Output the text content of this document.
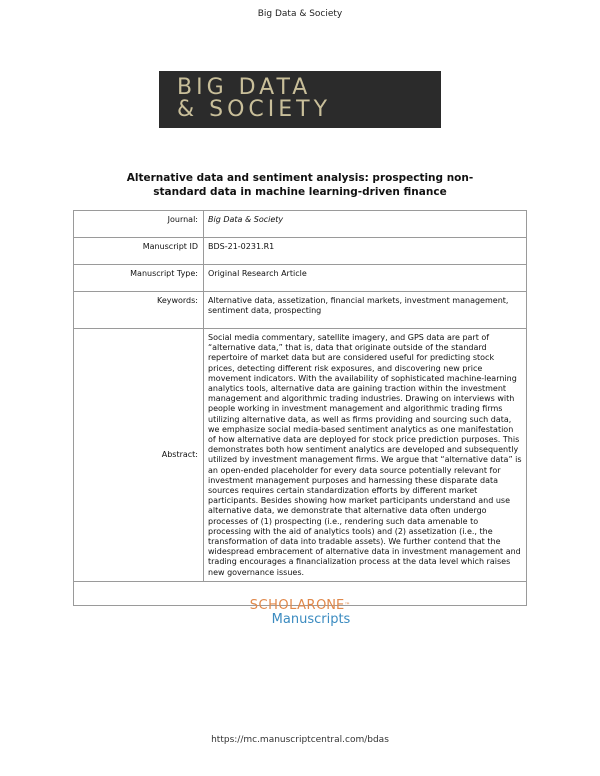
Big Data & Society
BIG DATA
& SOCIETY
Alternative data and sentiment analysis: prospecting non-
standard data in machine learning-driven finance
Journal:	Big Data & Society
Manuscript ID	BDS-21-0231.R1
Manuscript Type:	Original Research Article
Keywords:	Alternative data, assetization, financial markets, investment management, sentiment data, prospecting
Abstract:	Social media commentary, satellite imagery, and GPS data are part of “alternative data,” that is, data that originate outside of the standard repertoire of market data but are considered useful for predicting stock prices, detecting different risk exposures, and discovering new price movement indicators. With the availability of sophisticated machine-learning analytics tools, alternative data are gaining traction within the investment management and algorithmic trading industries. Drawing on interviews with people working in investment management and algorithmic trading firms utilizing alternative data, as well as firms providing and sourcing such data, we emphasize social media-based sentiment analytics as one manifestation of how alternative data are deployed for stock price prediction purposes. This demonstrates both how sentiment analytics are developed and subsequently utilized by investment management firms. We argue that “alternative data” is an open-ended placeholder for every data source potentially relevant for investment management purposes and harnessing these disparate data sources requires certain standardization efforts by different market participants. Besides showing how market participants understand and use alternative data, we demonstrate that alternative data often undergo processes of (1) prospecting (i.e., rendering such data amenable to processing with the aid of analytics tools) and (2) assetization (i.e., the transformation of data into tradable assets). We further contend that the widespread embracement of alternative data in investment management and trading encourages a financialization process at the data level which raises new governance issues.

SCHOLARONE™
Manuscripts
https://mc.manuscriptcentral.com/bdas
